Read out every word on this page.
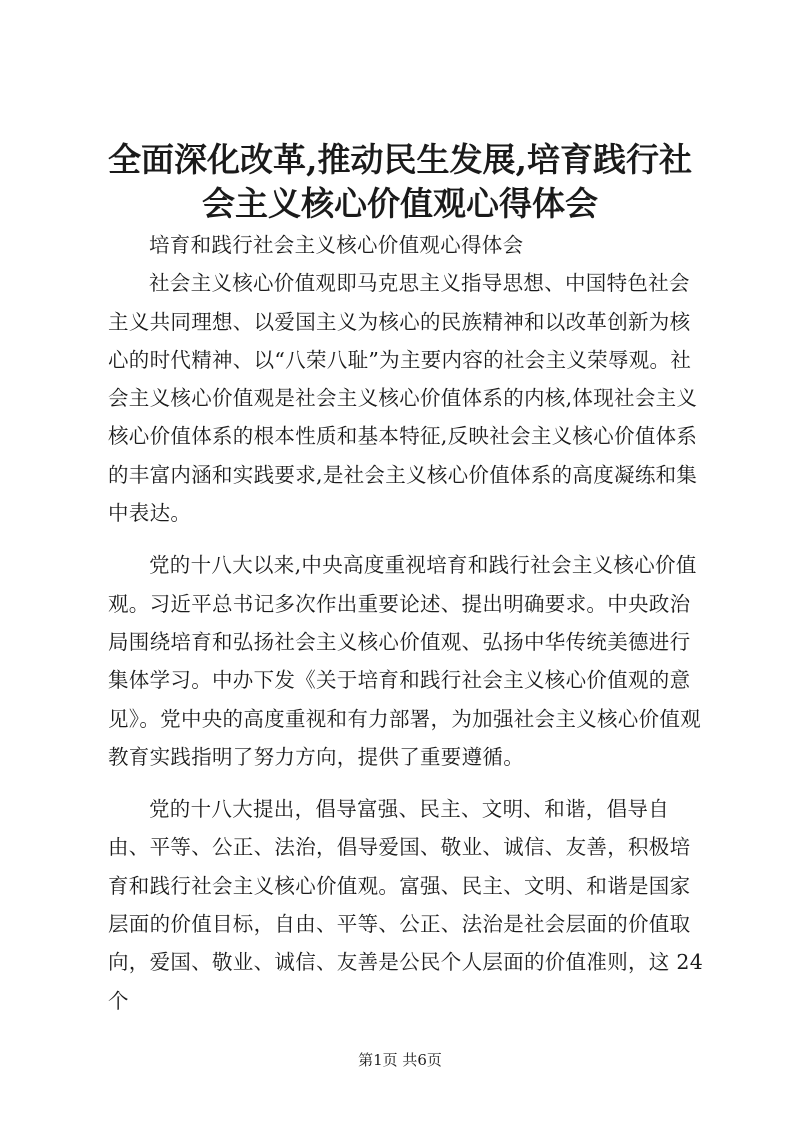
全面深化改革,推动民生发展,培育践行社会主义核心价值观心得体会

培育和践行社会主义核心价值观心得体会

社会主义核心价值观即马克思主义指导思想、中国特色社会主义共同理想、以爱国主义为核心的民族精神和以改革创新为核心的时代精神、以“八荣八耻”为主要内容的社会主义荣辱观。社会主义核心价值观是社会主义核心价值体系的内核,体现社会主义核心价值体系的根本性质和基本特征,反映社会主义核心价值体系的丰富内涵和实践要求,是社会主义核心价值体系的高度凝练和集中表达。

党的十八大以来,中央高度重视培育和践行社会主义核心价值观。习近平总书记多次作出重要论述、提出明确要求。中央政治局围绕培育和弘扬社会主义核心价值观、弘扬中华传统美德进行集体学习。中办下发《关于培育和践行社会主义核心价值观的意见》。党中央的高度重视和有力部署，为加强社会主义核心价值观教育实践指明了努力方向，提供了重要遵循。

党的十八大提出，倡导富强、民主、文明、和谐，倡导自由、平等、公正、法治，倡导爱国、敬业、诚信、友善，积极培育和践行社会主义核心价值观。富强、民主、文明、和谐是国家层面的价值目标，自由、平等、公正、法治是社会层面的价值取向，爱国、敬业、诚信、友善是公民个人层面的价值准则，这 24 个

第1页 共6页
